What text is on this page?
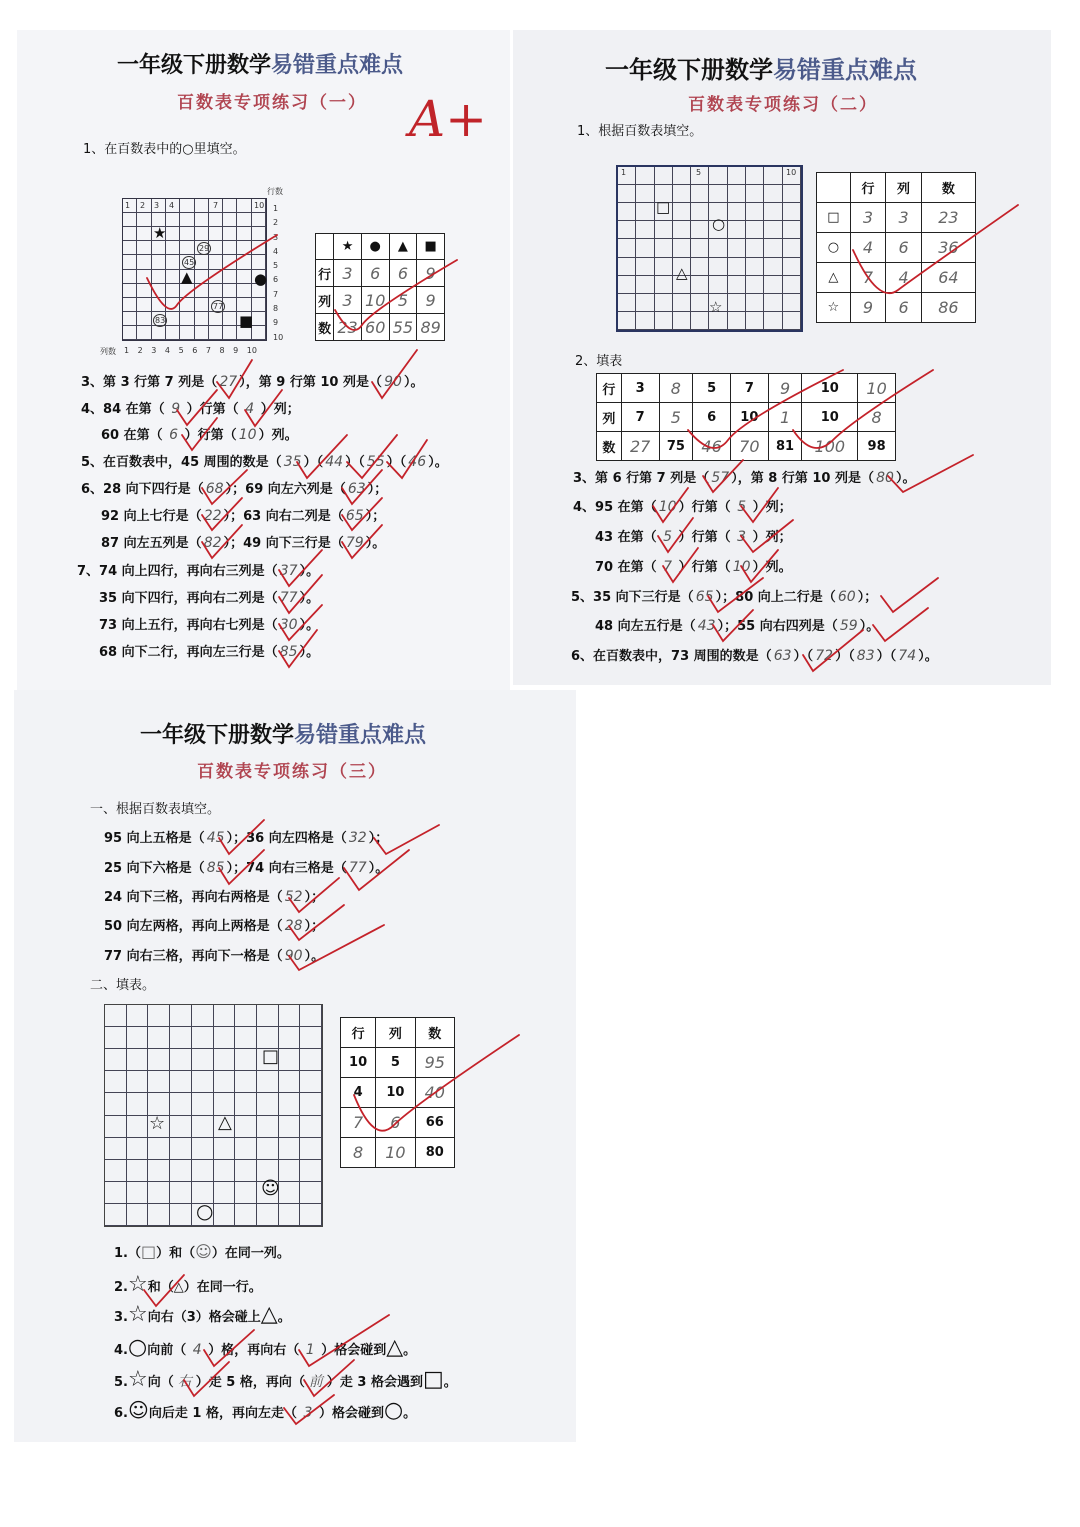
一年级下册数学易错重点难点
百数表专项练习（一） A+
1、在百数表中的○里填空。
1 2 3 4	7	10
行数
列数
1
2
3
4
5
6
7
8
9
10
1 2 3 4 5 6 7 8 9 10
★
▲	●
■
29
45
77
83
	★	●	▲	■
行	3	6	6	9
列	3	10	5	9
数	23	60	55	89
3、第 3 行第 7 列是（ 27 ），第 9 行第 10 列是（ 90 ）。
4、84 在第（ 9 ）行第（ 4 ）列；
60 在第（ 6 ）行第（ 10 ）列。
5、在百数表中，45 周围的数是（ 35 ）（ 44 ）（ 55 ）（ 46 ）。
6、28 向下四行是（ 68 ）；69 向左六列是（ 63 ）；
92 向上七行是（ 22 ）；63 向右二列是（ 65 ）；
87 向左五列是（ 82 ）；49 向下三行是（ 79 ）。
7、74 向上四行，再向右三列是（ 37 ）。
35 向下四行，再向右二列是（ 77 ）。
73 向上五行，再向右七列是（ 30 ）。
68 向下二行，再向左三行是（ 85 ）。
一年级下册数学易错重点难点
百数表专项练习（二）
1、根据百数表填空。
1	5	10
□
○
△
☆
	行	列	数
□	3	3	23
○	4	6	36
△	7	4	64
☆	9	6	86
2、填表
行	3	8	5	7	9	10	10
列	7	5	6	10	1	10	8
数	27	75	46	70	81	100	98
3、第 6 行第 7 列是（ 57 ），第 8 行第 10 列是（ 80 ）。
4、95 在第（ 10 ）行第（ 5 ）列；
43 在第（ 5 ）行第（ 3 ）列；
70 在第（ 7 ）行第（ 10 ）列。
5、35 向下三行是（ 65 ）；80 向上二行是（ 60 ）；
48 向左五行是（ 43 ）；55 向右四列是（ 59 ）。
6、在百数表中，73 周围的数是（ 63 ）（ 72 ）（ 83 ）（ 74 ）。
一年级下册数学易错重点难点
百数表专项练习（三）
一、根据百数表填空。
95 向上五格是（ 45 ）；36 向左四格是（ 32 ）；
25 向下六格是（ 85 ）；74 向右三格是（ 77 ）。
24 向下三格，再向右两格是（ 52 ）；
50 向左两格，再向上两格是（ 28 ）；
77 向右三格，再向下一格是（ 90 ）。
二、填表。
□
☆	△
☺
○
行	列	数
10	5	95
4	10	40
7	6	66
8	10	80
1.（□）和（☺）在同一列。
2.☆和（△）在同一行。
3.☆向右（3）格会碰上△。
4.○向前（ 4 ）格，再向右（ 1 ）格会碰到△。
5.☆向（ 右 ）走 5 格，再向（ 前 ）走 3 格会遇到□。
6.☺向后走 1 格，再向左走（ 3 ）格会碰到○。
